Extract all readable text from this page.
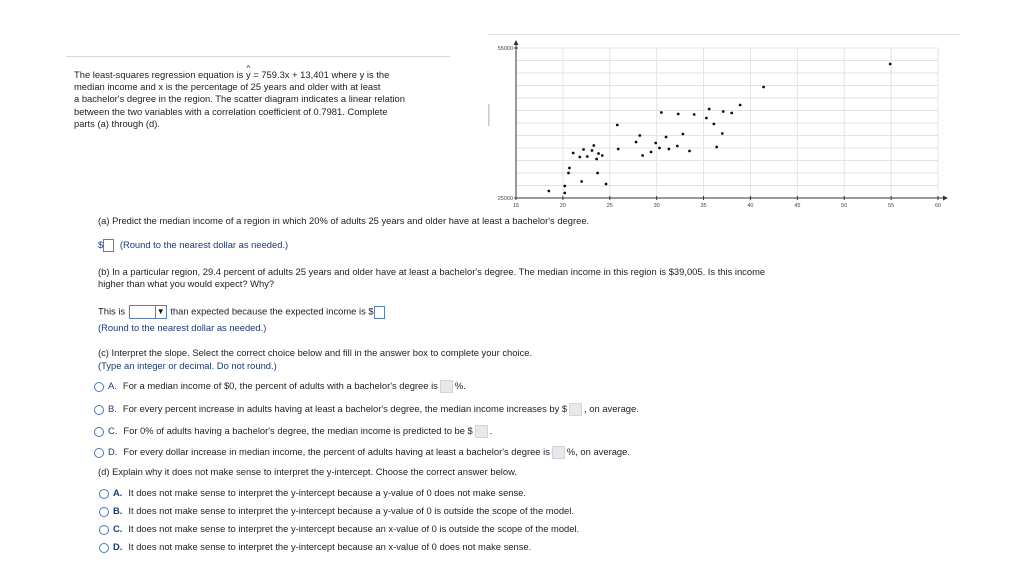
The least-squares regression equation is ^ y = 759.3x + 13,401 where y is the
median income and x is the percentage of 25 years and older with at least
a bachelor's degree in the region. The scatter diagram indicates a linear relation
between the two variables with a correlation coefficient of 0.7981. Complete
parts (a) through (d).
15	20	25	30	35	40	45	50	55	60
25000
55000
(a) Predict the median income of a region in which 20% of adults 25 years and older have at least a bachelor's degree.
$ (Round to the nearest dollar as needed.)
(b) In a particular region, 29.4 percent of adults 25 years and older have at least a bachelor's degree. The median income in this region is $39,005. Is this income
higher than what you would expect? Why?
This is	▼ than expected because the expected income is $
(Round to the nearest dollar as needed.)
(c) Interpret the slope. Select the correct choice below and fill in the answer box to complete your choice.
(Type an integer or decimal. Do not round.)
A. For a median income of $0, the percent of adults with a bachelor's degree is %.
B. For every percent increase in adults having at least a bachelor's degree, the median income increases by $ , on average.
C. For 0% of adults having a bachelor's degree, the median income is predicted to be $ .
D. For every dollar increase in median income, the percent of adults having at least a bachelor's degree is %, on average.
(d) Explain why it does not make sense to interpret the y-intercept. Choose the correct answer below.
A. It does not make sense to interpret the y-intercept because a y-value of 0 does not make sense.
B. It does not make sense to interpret the y-intercept because a y-value of 0 is outside the scope of the model.
C. It does not make sense to interpret the y-intercept because an x-value of 0 is outside the scope of the model.
D. It does not make sense to interpret the y-intercept because an x-value of 0 does not make sense.
